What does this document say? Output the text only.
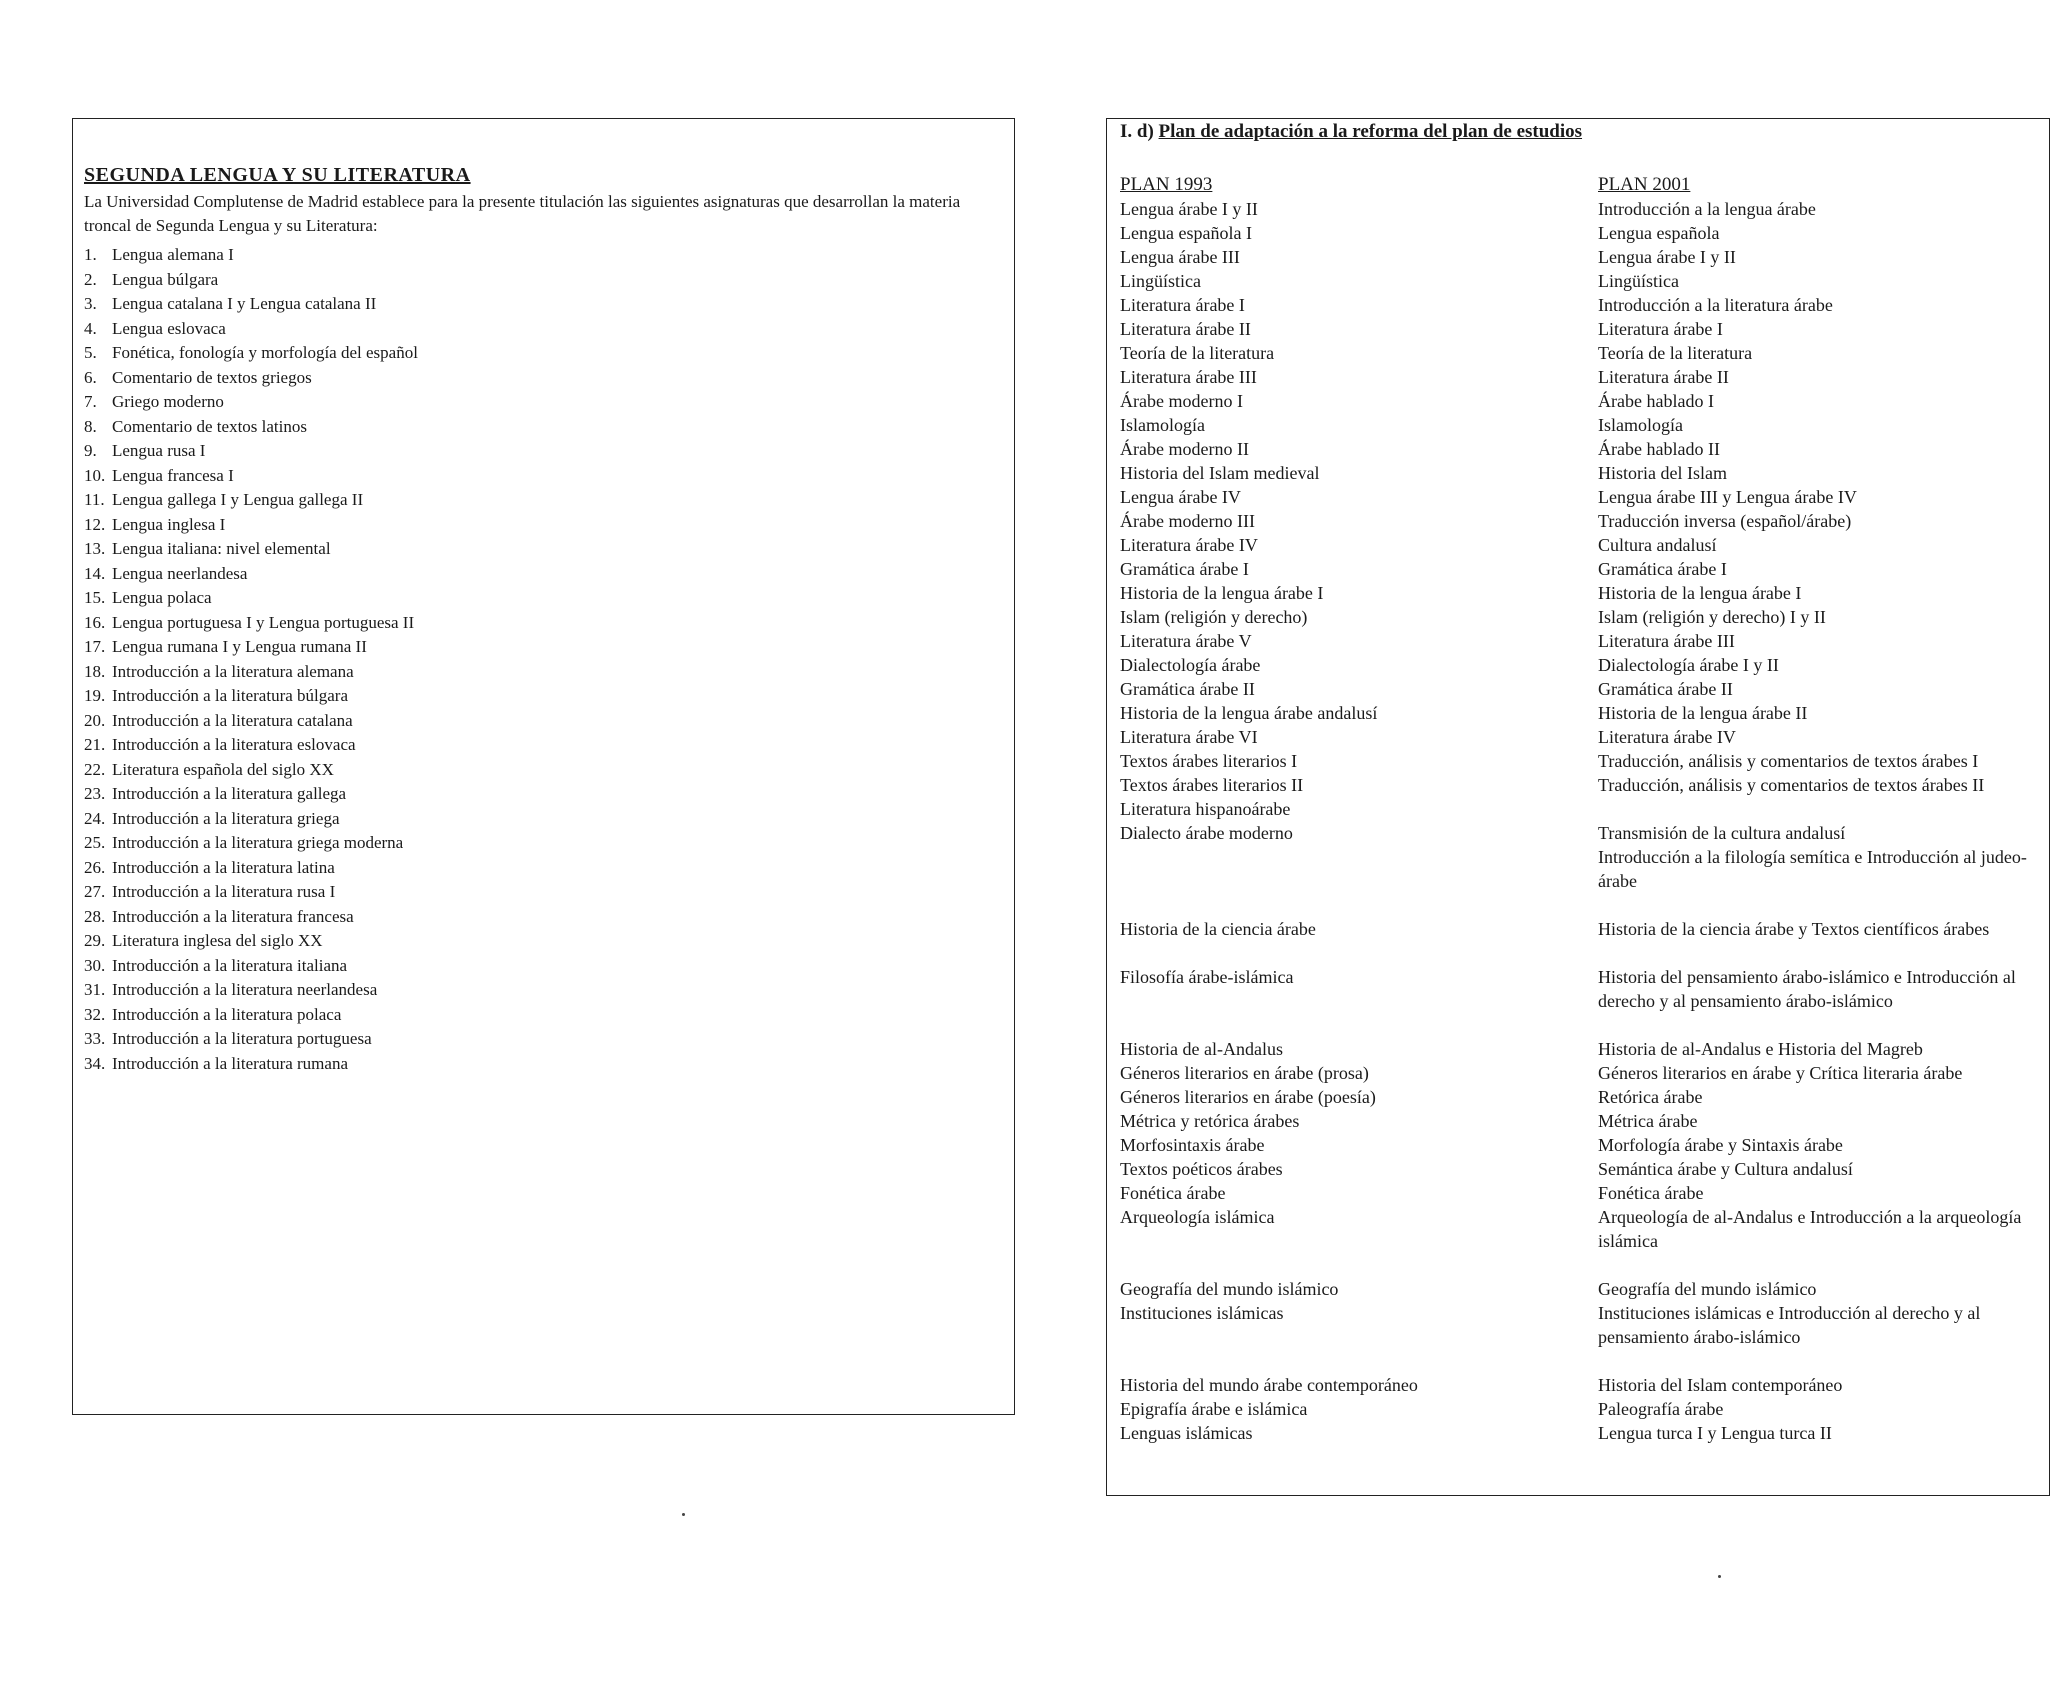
SEGUNDA LENGUA Y SU LITERATURA

La Universidad Complutense de Madrid establece para la presente titulación las siguientes asignaturas que desarrollan la materia troncal de Segunda Lengua y su Literatura:

1. Lengua alemana I
2. Lengua búlgara
3. Lengua catalana I y Lengua catalana II
4. Lengua eslovaca
5. Fonética, fonología y morfología del español
6. Comentario de textos griegos
7. Griego moderno
8. Comentario de textos latinos
9. Lengua rusa I
10. Lengua francesa I
11. Lengua gallega I y Lengua gallega II
12. Lengua inglesa I
13. Lengua italiana: nivel elemental
14. Lengua neerlandesa
15. Lengua polaca
16. Lengua portuguesa I y Lengua portuguesa II
17. Lengua rumana I y Lengua rumana II
18. Introducción a la literatura alemana
19. Introducción a la literatura búlgara
20. Introducción a la literatura catalana
21. Introducción a la literatura eslovaca
22. Literatura española del siglo XX
23. Introducción a la literatura gallega
24. Introducción a la literatura griega
25. Introducción a la literatura griega moderna
26. Introducción a la literatura latina
27. Introducción a la literatura rusa I
28. Introducción a la literatura francesa
29. Literatura inglesa del siglo XX
30. Introducción a la literatura italiana
31. Introducción a la literatura neerlandesa
32. Introducción a la literatura polaca
33. Introducción a la literatura portuguesa
34. Introducción a la literatura rumana
I. d) Plan de adaptación a la reforma del plan de estudios
PLAN 1993	PLAN 2001
Lengua árabe I y II	Introducción a la lengua árabe
Lengua española I	Lengua española
Lengua árabe III	Lengua árabe I y II
Lingüística	Lingüística
Literatura árabe I	Introducción a la literatura árabe
Literatura árabe II	Literatura árabe I
Teoría de la literatura	Teoría de la literatura
Literatura árabe III	Literatura árabe II
Árabe moderno I	Árabe hablado I
Islamología	Islamología
Árabe moderno II	Árabe hablado II
Historia del Islam medieval	Historia del Islam
Lengua árabe IV	Lengua árabe III y Lengua árabe IV
Árabe moderno III	Traducción inversa (español/árabe)
Literatura árabe IV	Cultura andalusí
Gramática árabe I	Gramática árabe I
Historia de la lengua árabe I	Historia de la lengua árabe I
Islam (religión y derecho)	Islam (religión y derecho) I y II
Literatura árabe V	Literatura árabe III
Dialectología árabe	Dialectología árabe I y II
Gramática árabe II	Gramática árabe II
Historia de la lengua árabe andalusí	Historia de la lengua árabe II
Literatura árabe VI	Literatura árabe IV
Textos árabes literarios I	Traducción, análisis y comentarios de textos árabes I
Textos árabes literarios II	Traducción, análisis y comentarios de textos árabes II
Literatura hispanoárabe	
Dialecto árabe moderno	Transmisión de la cultura andalusí
	Introducción a la filología semítica e Introducción al judeo-árabe
Historia de la ciencia árabe	Historia de la ciencia árabe y Textos científicos árabes
Filosofía árabe-islámica	Historia del pensamiento árabo-islámico e Introducción al derecho y al pensamiento árabo-islámico
Historia de al-Andalus	Historia de al-Andalus e Historia del Magreb
Géneros literarios en árabe (prosa)	Géneros literarios en árabe y Crítica literaria árabe
Géneros literarios en árabe (poesía)	Retórica árabe
Métrica y retórica árabes	Métrica árabe
Morfosintaxis árabe	Morfología árabe y Sintaxis árabe
Textos poéticos árabes	Semántica árabe y Cultura andalusí
Fonética árabe	Fonética árabe
Arqueología islámica	Arqueología de al-Andalus e Introducción a la arqueología islámica
Geografía del mundo islámico	Geografía del mundo islámico
Instituciones islámicas	Instituciones islámicas e Introducción al derecho y al pensamiento árabo-islámico
Historia del mundo árabe contemporáneo	Historia del Islam contemporáneo
Epigrafía árabe e islámica	Paleografía árabe
Lenguas islámicas	Lengua turca I y Lengua turca II
